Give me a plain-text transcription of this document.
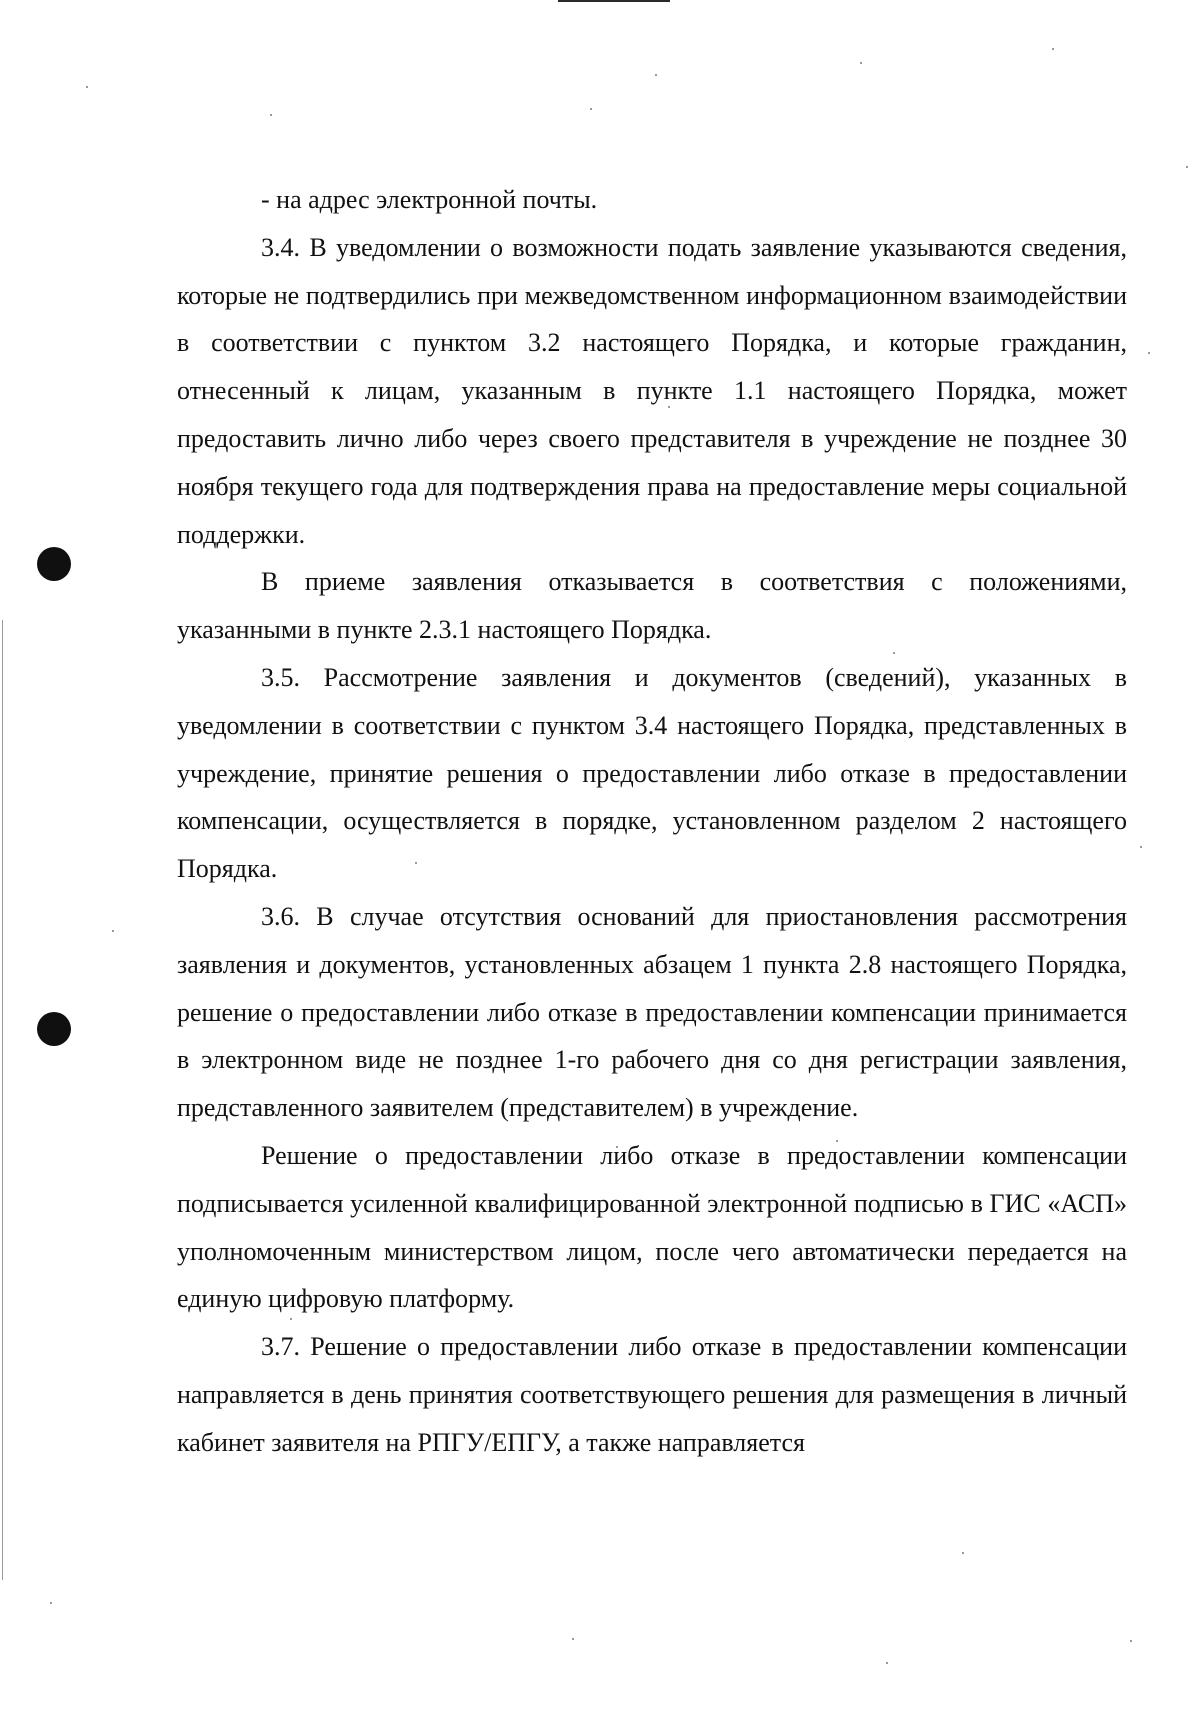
- на адрес электронной почты.

3.4. В уведомлении о возможности подать заявление указываются сведения, которые не подтвердились при межведомственном информационном взаимодействии в соответствии с пунктом 3.2 настоящего Порядка, и которые гражданин, отнесенный к лицам, указанным в пункте 1.1 настоящего Порядка, может предоставить лично либо через своего представителя в учреждение не позднее 30 ноября текущего года для подтверждения права на предоставление меры социальной поддержки.

В приеме заявления отказывается в соответствия с положениями, указанными в пункте 2.3.1 настоящего Порядка.

3.5. Рассмотрение заявления и документов (сведений), указанных в уведомлении в соответствии с пунктом 3.4 настоящего Порядка, представленных в учреждение, принятие решения о предоставлении либо отказе в предоставлении компенсации, осуществляется в порядке, установленном разделом 2 настоящего Порядка.

3.6. В случае отсутствия оснований для приостановления рассмотрения заявления и документов, установленных абзацем 1 пункта 2.8 настоящего Порядка, решение о предоставлении либо отказе в предоставлении компенсации принимается в электронном виде не позднее 1-го рабочего дня со дня регистрации заявления, представленного заявителем (представителем) в учреждение.

Решение о предоставлении либо отказе в предоставлении компенсации подписывается усиленной квалифицированной электронной подписью в ГИС «АСП» уполномоченным министерством лицом, после чего автоматически передается на единую цифровую платформу.

3.7. Решение о предоставлении либо отказе в предоставлении компенсации направляется в день принятия соответствующего решения для размещения в личный кабинет заявителя на РПГУ/ЕПГУ, а также направляется
